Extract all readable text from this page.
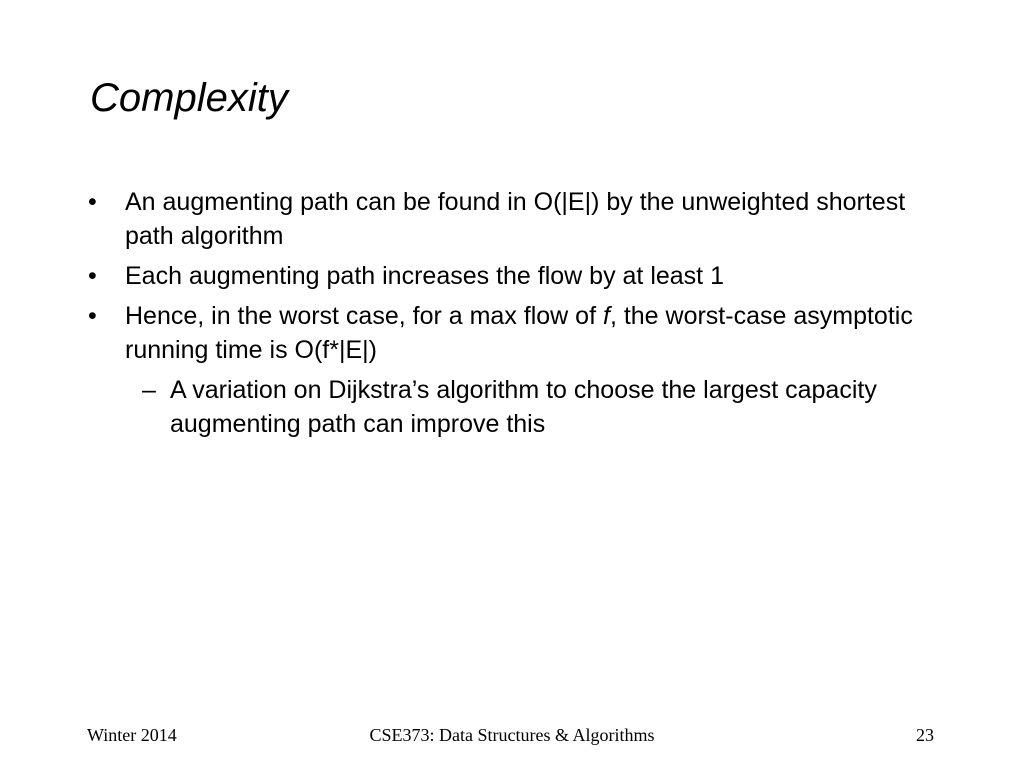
Complexity
• An augmenting path can be found in O(|E|) by the unweighted shortest path algorithm
• Each augmenting path increases the flow by at least 1
• Hence, in the worst case, for a max flow of f, the worst-case asymptotic running time is O(f*|E|)
– A variation on Dijkstra’s algorithm to choose the largest capacity augmenting path can improve this
Winter 2014	CSE373: Data Structures & Algorithms	23
